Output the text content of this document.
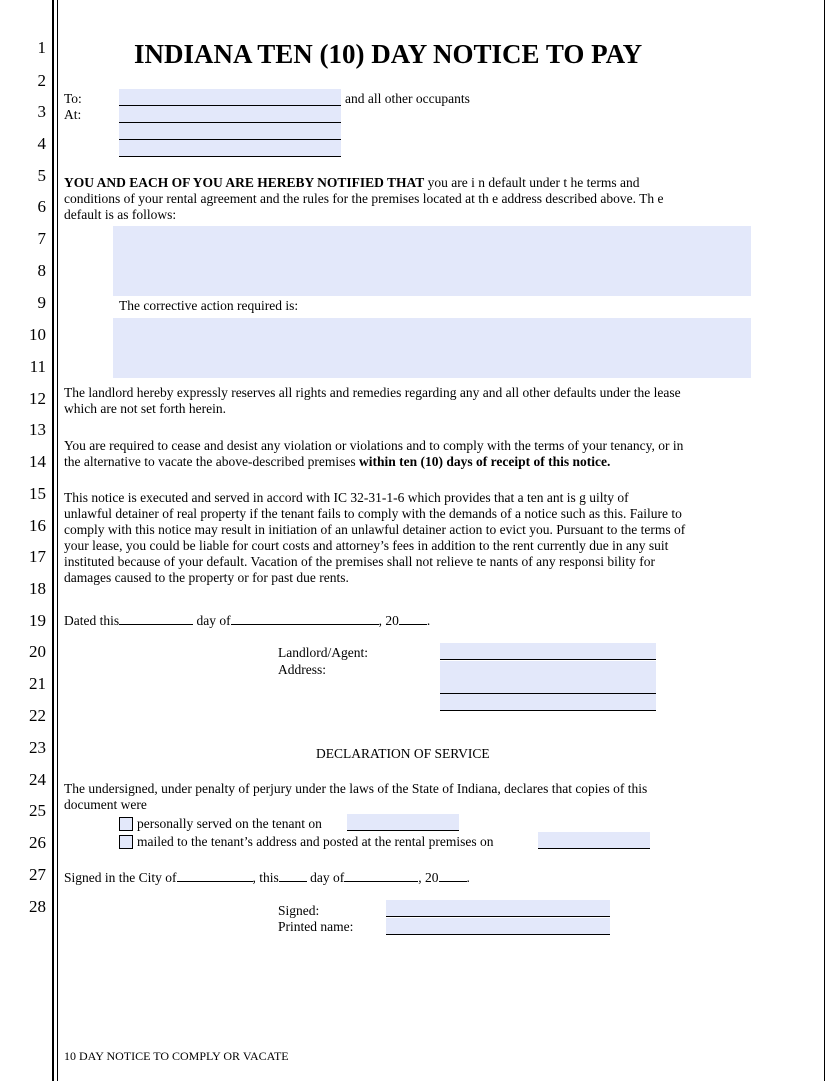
1
2
3
4
5
6
7
8
9
10
11
12
13
14
15
16
17
18
19
20
21
22
23
24
25
26
27
28
INDIANA TEN (10) DAY NOTICE TO PAY
To:
At:
and all other occupants
YOU AND EACH OF YOU ARE HEREBY NOTIFIED THAT you are i n default under t he terms and
conditions of your rental agreement and the rules for the premises located at th e address described above. Th e
default is as follows:
The corrective action required is:
The landlord hereby expressly reserves all rights and remedies regarding any and all other defaults under the lease
which are not set forth herein.
You are required to cease and desist any violation or violations and to comply with the terms of your tenancy, or in
the alternative to vacate the above-described premises within ten (10) days of receipt of this notice.
This notice is executed and served in accord with IC 32-31-1-6 which provides that a ten ant is g uilty of
unlawful detainer of real property if the tenant fails to comply with the demands of a notice such as this. Failure to
comply with this notice may result in initiation of an unlawful detainer action to evict you. Pursuant to the terms of
your lease, you could be liable for court costs and attorney’s fees in addition to the rent currently due in any suit
instituted because of your default. Vacation of the premises shall not relieve te nants of any responsi bility for
damages caused to the property or for past due rents.
Dated this	day of	, 20 .
Landlord/Agent:
Address:
DECLARATION OF SERVICE
The undersigned, under penalty of perjury under the laws of the State of Indiana, declares that copies of this
document were
personally served on the tenant on
mailed to the tenant’s address and posted at the rental premises on
Signed in the City of	, this day of	, 20 .
Signed:
Printed name:
10 DAY NOTICE TO COMPLY OR VACATE
